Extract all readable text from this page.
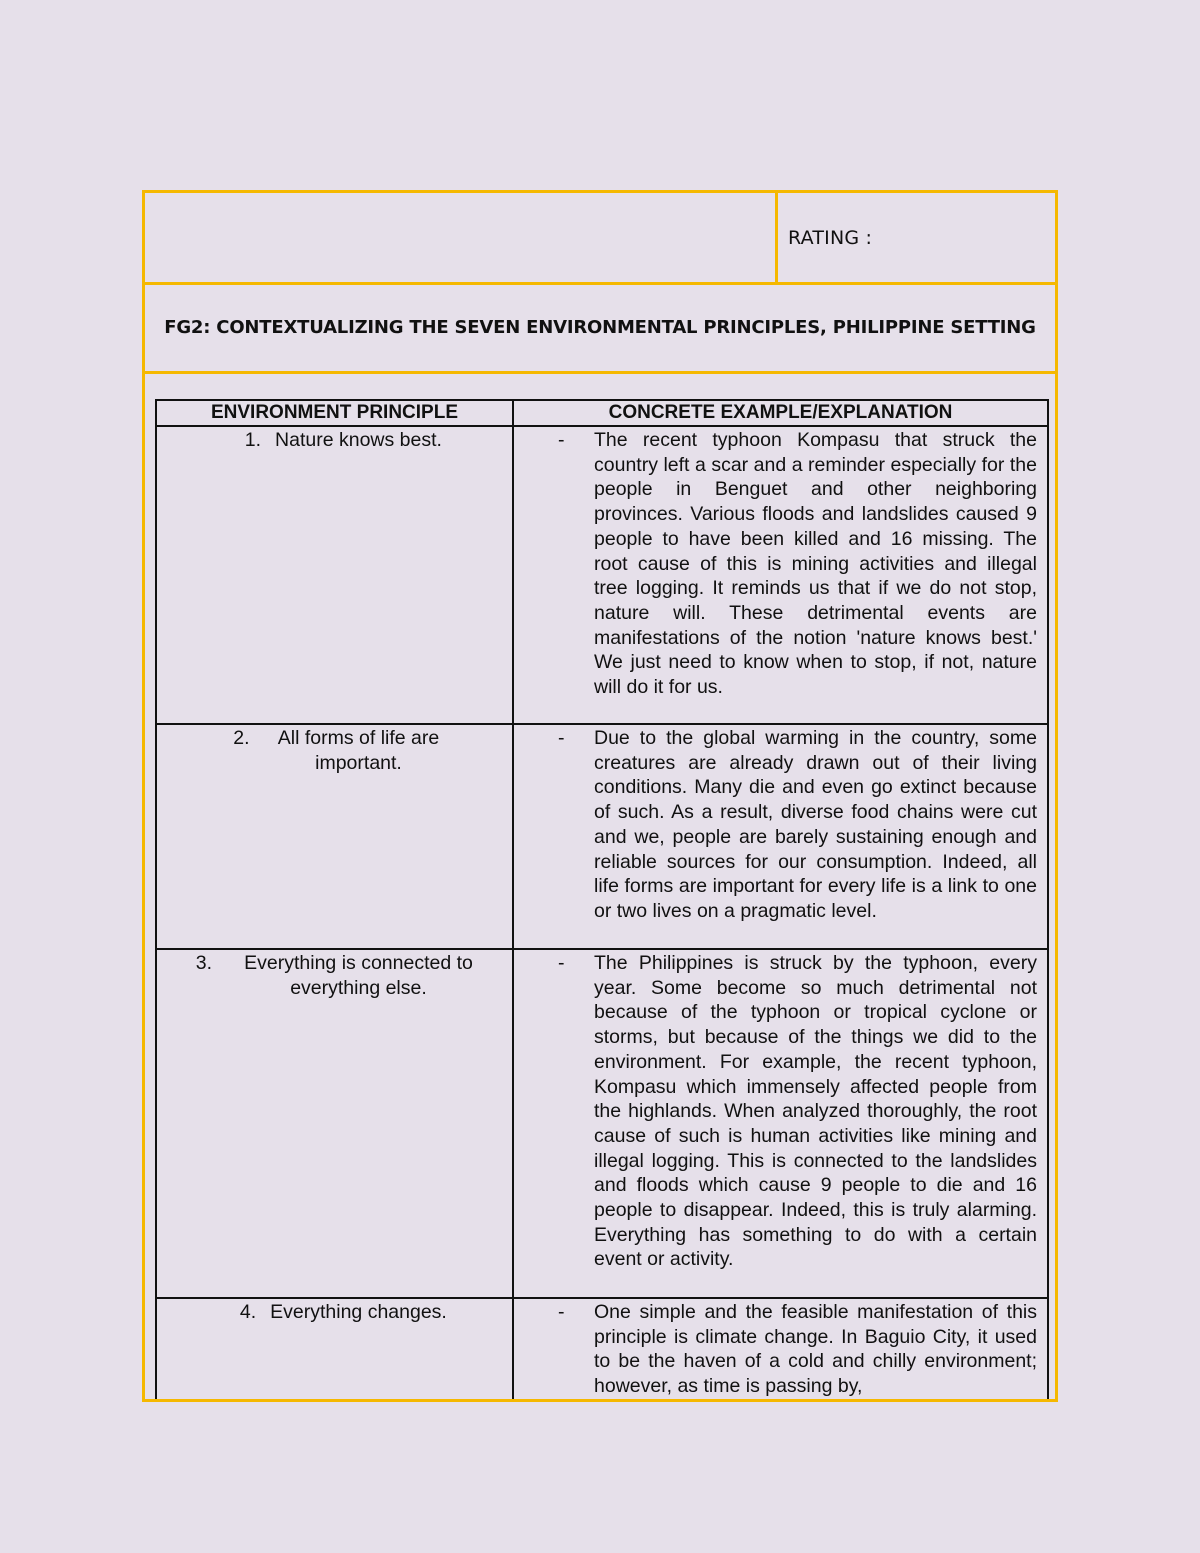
RATING :
FG2: CONTEXTUALIZING THE SEVEN ENVIRONMENTAL PRINCIPLES, PHILIPPINE SETTING
ENVIRONMENT PRINCIPLE	CONCRETE EXAMPLE/EXPLANATION

1. Nature knows best.	- The recent typhoon Kompasu that struck the country left a scar and a reminder especially for the people in Benguet and other neighboring provinces. Various floods and landslides caused 9 people to have been killed and 16 missing. The root cause of this is mining activities and illegal tree logging. It reminds us that if we do not stop, nature will. These detrimental events are manifestations of the notion 'nature knows best.' We just need to know when to stop, if not, nature will do it for us.

2. All forms of life are important.	- Due to the global warming in the country, some creatures are already drawn out of their living conditions. Many die and even go extinct because of such. As a result, diverse food chains were cut and we, people are barely sustaining enough and reliable sources for our consumption. Indeed, all life forms are important for every life is a link to one or two lives on a pragmatic level.

3. Everything is connected to everything else.	- The Philippines is struck by the typhoon, every year. Some become so much detrimental not because of the typhoon or tropical cyclone or storms, but because of the things we did to the environment. For example, the recent typhoon, Kompasu which immensely affected people from the highlands. When analyzed thoroughly, the root cause of such is human activities like mining and illegal logging. This is connected to the landslides and floods which cause 9 people to die and 16 people to disappear. Indeed, this is truly alarming. Everything has something to do with a certain event or activity.

4. Everything changes.	- One simple and the feasible manifestation of this principle is climate change. In Baguio City, it used to be the haven of a cold and chilly environment; however, as time is passing by,
